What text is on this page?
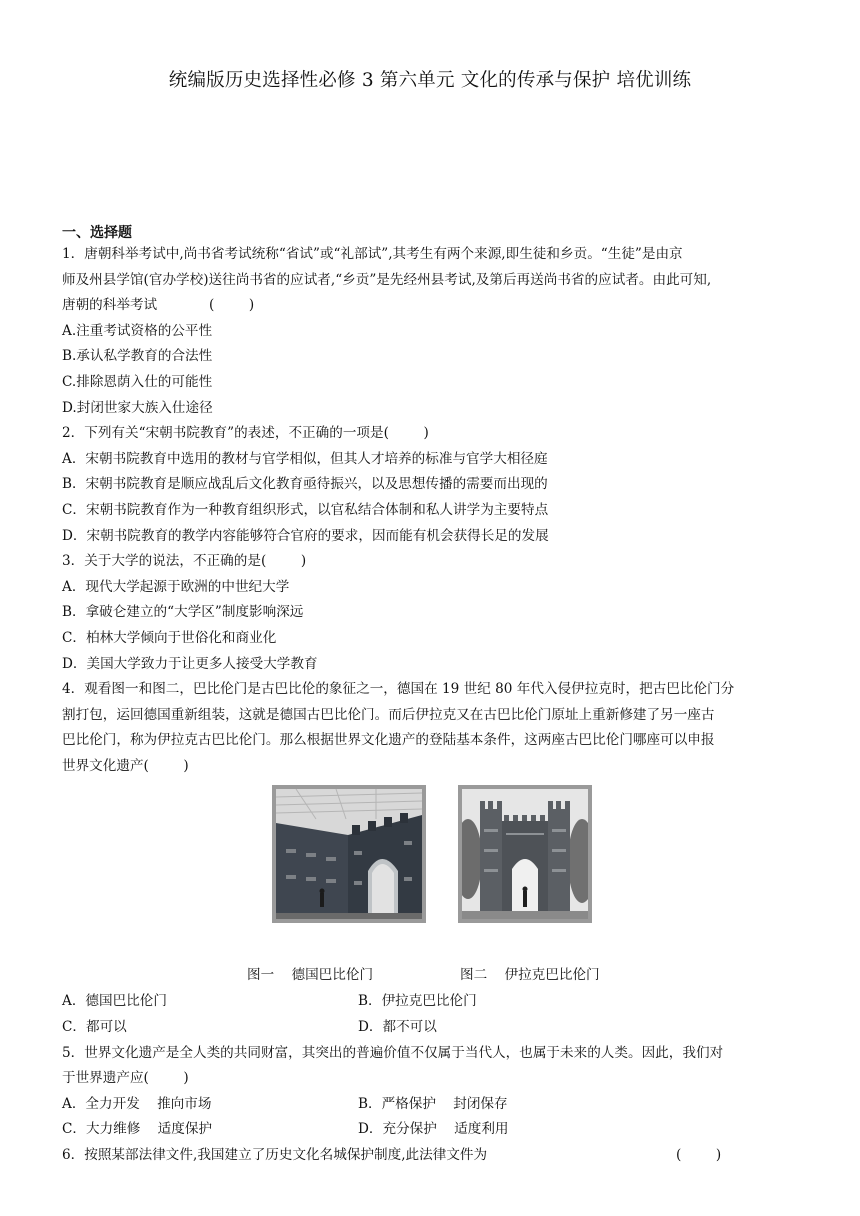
统编版历史选择性必修 3 第六单元 文化的传承与保护 培优训练
一、选择题

1．唐朝科举考试中,尚书省考试统称“省试”或“礼部试”,其考生有两个来源,即生徒和乡贡。“生徒”是由京

师及州县学馆(官办学校)送往尚书省的应试者,“乡贡”是先经州县考试,及第后再送尚书省的应试者。由此可知,

唐朝的科举考试            (        )

A.注重考试资格的公平性

B.承认私学教育的合法性

C.排除恩荫入仕的可能性

D.封闭世家大族入仕途径

2．下列有关“宋朝书院教育”的表述，不正确的一项是(        )

A．宋朝书院教育中选用的教材与官学相似，但其人才培养的标准与官学大相径庭

B．宋朝书院教育是顺应战乱后文化教育亟待振兴，以及思想传播的需要而出现的

C．宋朝书院教育作为一种教育组织形式，以官私结合体制和私人讲学为主要特点

D．宋朝书院教育的教学内容能够符合官府的要求，因而能有机会获得长足的发展

3．关于大学的说法，不正确的是(        )

A．现代大学起源于欧洲的中世纪大学

B．拿破仑建立的“大学区”制度影响深远

C．柏林大学倾向于世俗化和商业化

D．美国大学致力于让更多人接受大学教育

4．观看图一和图二，巴比伦门是古巴比伦的象征之一，德国在 19 世纪 80 年代入侵伊拉克时，把古巴比伦门分

割打包，运回德国重新组装，这就是德国古巴比伦门。而后伊拉克又在古巴比伦门原址上重新修建了另一座古

巴比伦门，称为伊拉克古巴比伦门。那么根据世界文化遗产的登陆基本条件，这两座古巴比伦门哪座可以申报

世界文化遗产(        )

图一    德国巴比伦门	图二    伊拉克巴比伦门
A．德国巴比伦门	B．伊拉克巴比伦门
C．都可以	D．都不可以

5．世界文化遗产是全人类的共同财富，其突出的普遍价值不仅属于当代人，也属于未来的人类。因此，我们对

于世界遗产应(        )

A．全力开发    推向市场	B．严格保护    封闭保存
C．大力维修    适度保护	D．充分保护    适度利用

6．按照某部法律文件,我国建立了历史文化名城保护制度,此法律文件为	(        )
